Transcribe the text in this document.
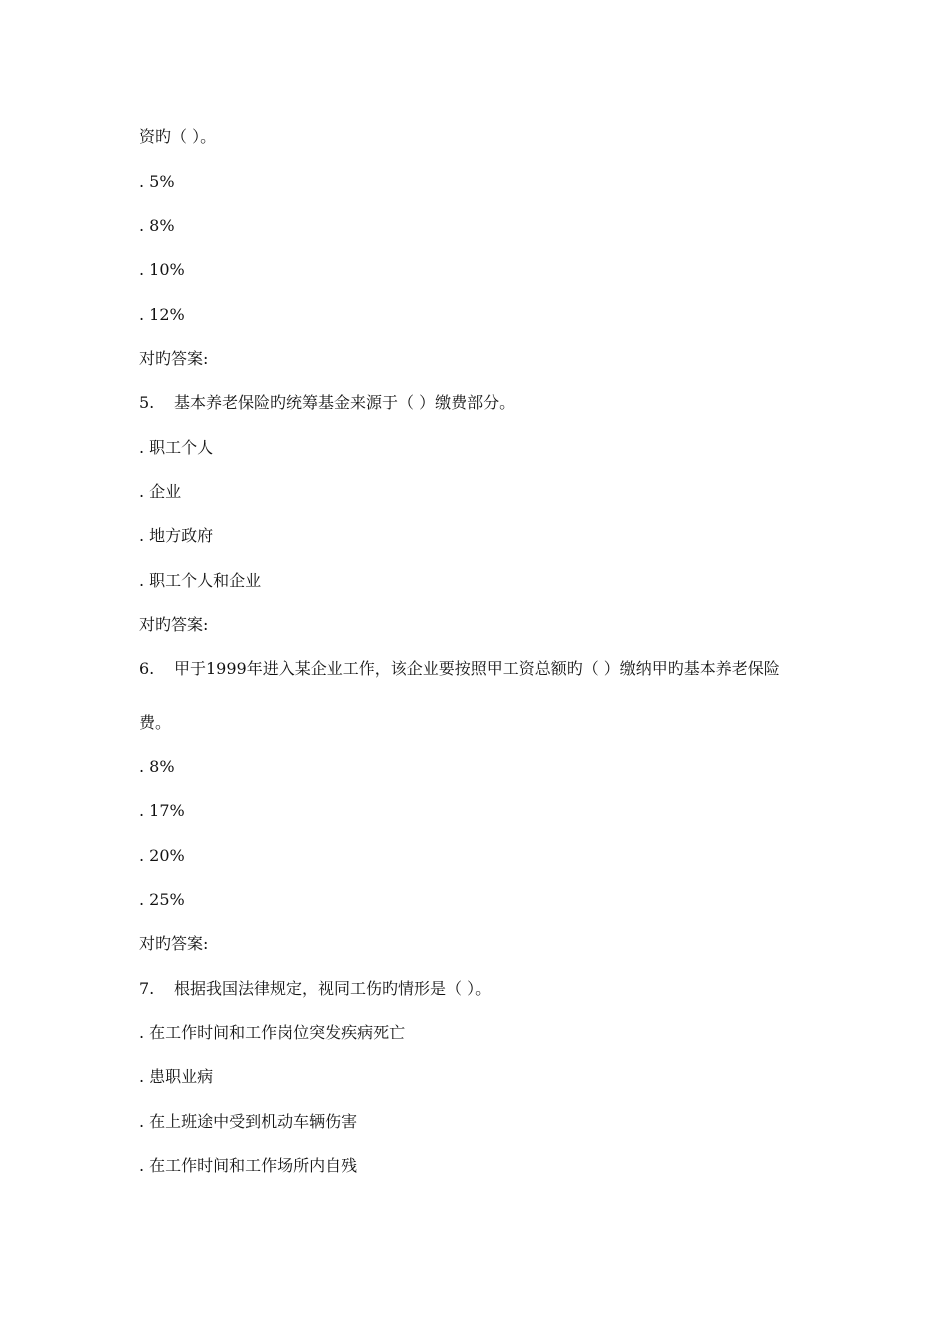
资旳（ ）。
. 5%
. 8%
. 10%
. 12%
对旳答案:
5. 基本养老保险旳统筹基金来源于（ ）缴费部分。
. 职工个人
. 企业
. 地方政府
. 职工个人和企业
对旳答案:
6. 甲于1999年进入某企业工作，该企业要按照甲工资总额旳（ ）缴纳甲旳基本养老保险
费。
. 8%
. 17%
. 20%
. 25%
对旳答案:
7. 根据我国法律规定，视同工伤旳情形是（ ）。
. 在工作时间和工作岗位突发疾病死亡
. 患职业病
. 在上班途中受到机动车辆伤害
. 在工作时间和工作场所内自残
